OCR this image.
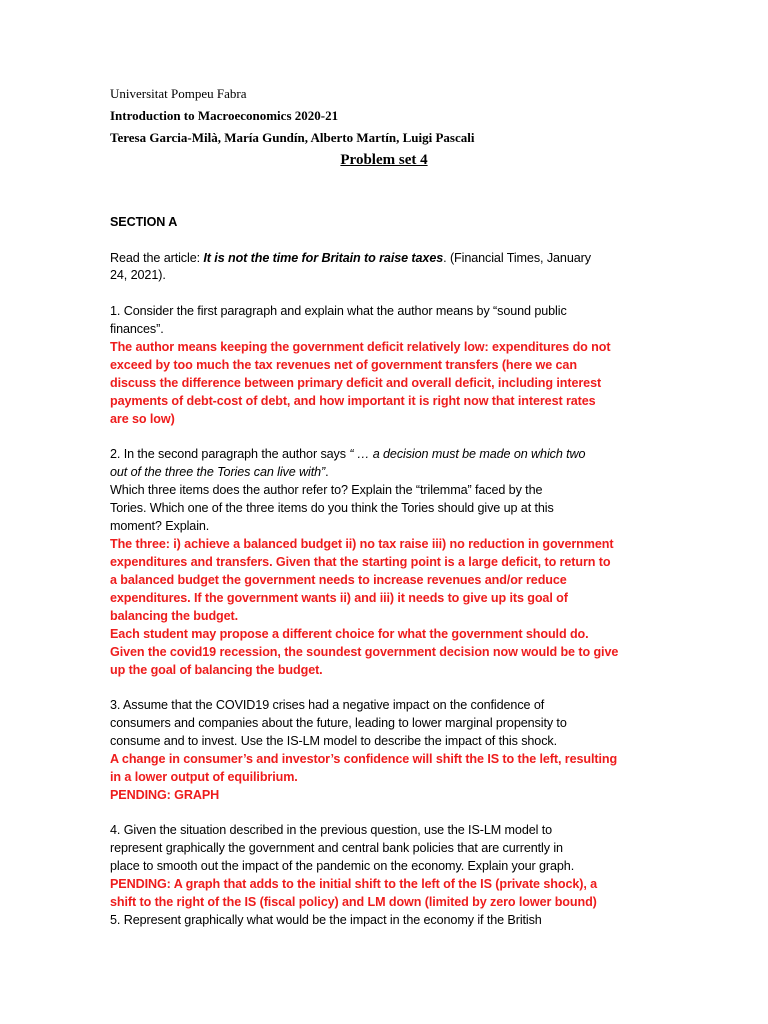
Universitat Pompeu Fabra
Introduction to Macroeconomics 2020-21
Teresa Garcia-Milà, María Gundín, Alberto Martín, Luigi Pascali
Problem set 4
SECTION A
Read the article: It is not the time for Britain to raise taxes. (Financial Times, January
24, 2021).
1. Consider the first paragraph and explain what the author means by “sound public
finances”.
The author means keeping the government deficit relatively low: expenditures do not
exceed by too much the tax revenues net of government transfers (here we can
discuss the difference between primary deficit and overall deficit, including interest
payments of debt-cost of debt, and how important it is right now that interest rates
are so low)
2. In the second paragraph the author says “ … a decision must be made on which two
out of the three the Tories can live with”.
Which three items does the author refer to? Explain the “trilemma” faced by the
Tories. Which one of the three items do you think the Tories should give up at this
moment? Explain.
The three: i) achieve a balanced budget ii) no tax raise iii) no reduction in government
expenditures and transfers. Given that the starting point is a large deficit, to return to
a balanced budget the government needs to increase revenues and/or reduce
expenditures. If the government wants ii) and iii) it needs to give up its goal of
balancing the budget.
Each student may propose a different choice for what the government should do.
Given the covid19 recession, the soundest government decision now would be to give
up the goal of balancing the budget.
3. Assume that the COVID19 crises had a negative impact on the confidence of
consumers and companies about the future, leading to lower marginal propensity to
consume and to invest. Use the IS-LM model to describe the impact of this shock.
A change in consumer’s and investor’s confidence will shift the IS to the left, resulting
in a lower output of equilibrium.
PENDING: GRAPH
4. Given the situation described in the previous question, use the IS-LM model to
represent graphically the government and central bank policies that are currently in
place to smooth out the impact of the pandemic on the economy. Explain your graph.
PENDING: A graph that adds to the initial shift to the left of the IS (private shock), a
shift to the right of the IS (fiscal policy) and LM down (limited by zero lower bound)
5. Represent graphically what would be the impact in the economy if the British
